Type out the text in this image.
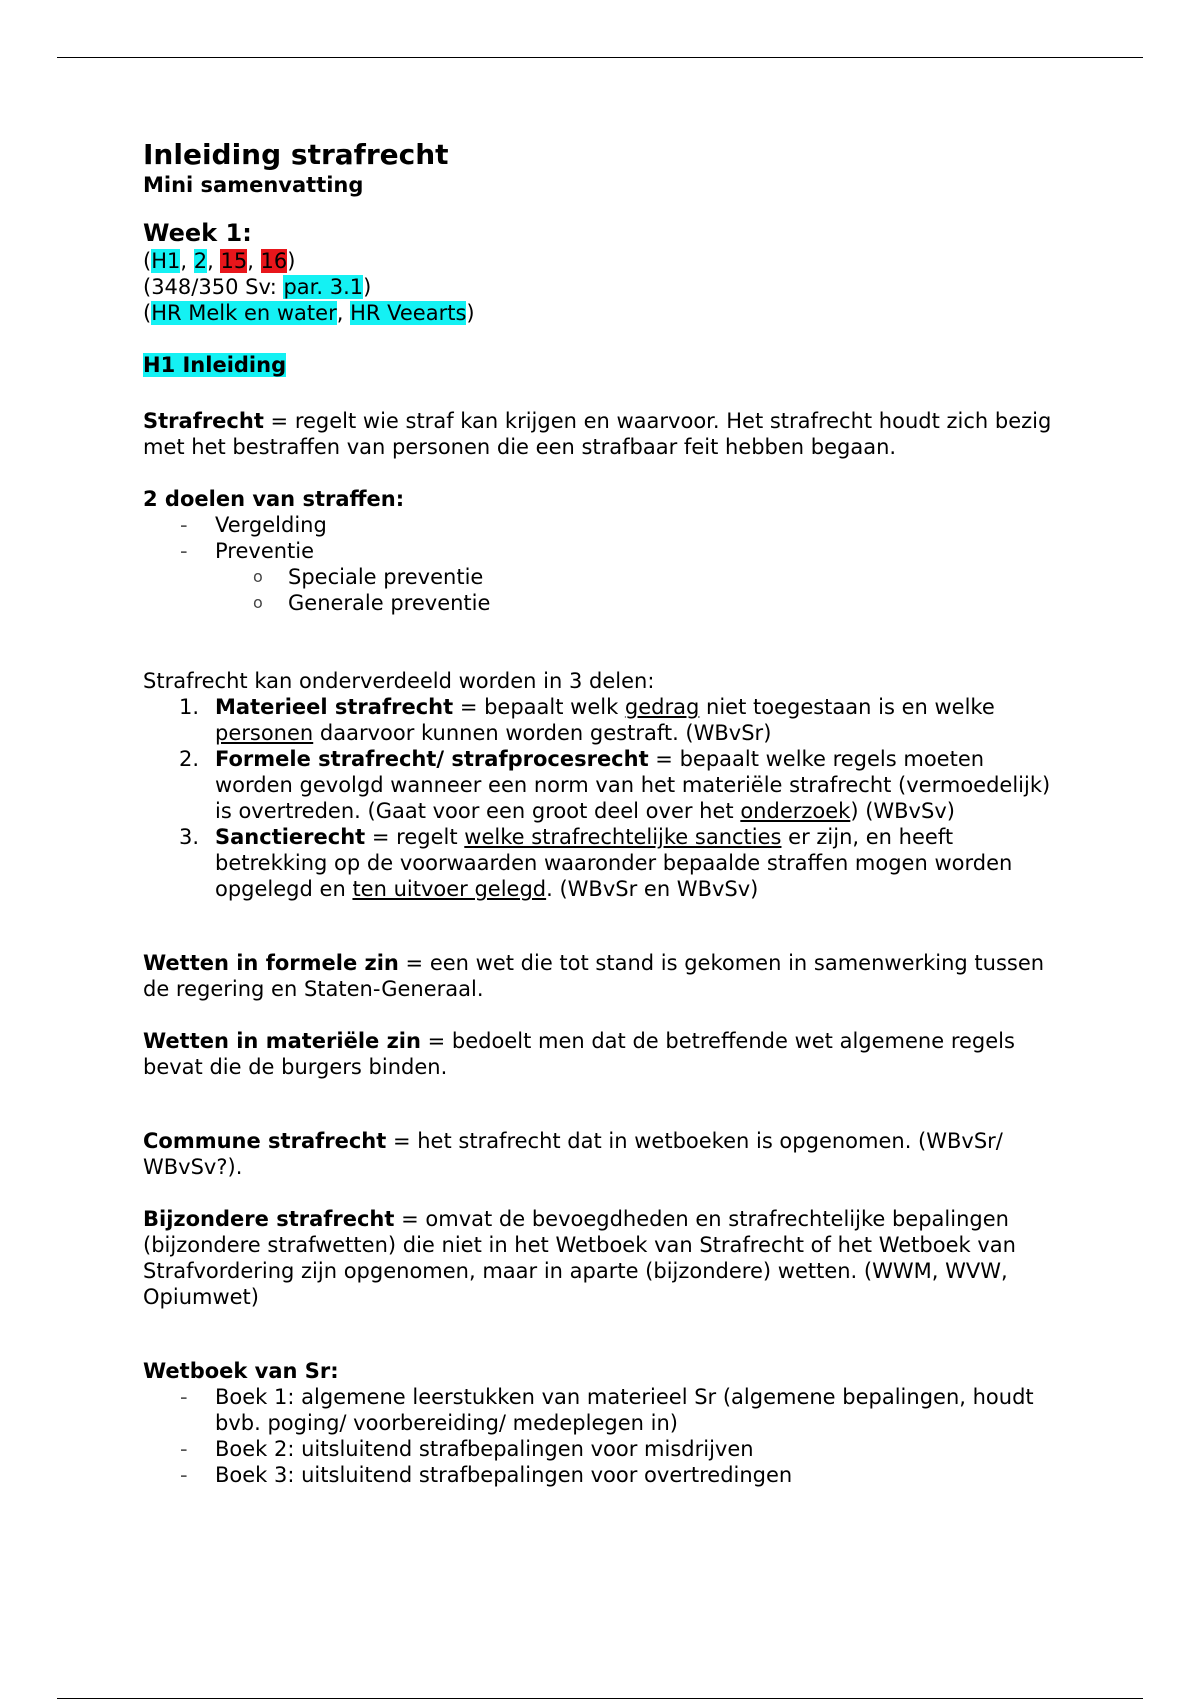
Inleiding strafrecht
Mini samenvatting
Week 1:
(H1, 2, 15, 16)
(348/350 Sv: par. 3.1)
(HR Melk en water, HR Veearts)
H1 Inleiding

Strafrecht = regelt wie straf kan krijgen en waarvoor. Het strafrecht houdt zich bezig met het bestraffen van personen die een strafbaar feit hebben begaan.

2 doelen van straffen:

- Vergelding
- Preventie
o Speciale preventie
o Generale preventie

Strafrecht kan onderverdeeld worden in 3 delen:

1. Materieel strafrecht = bepaalt welk gedrag niet toegestaan is en welke personen daarvoor kunnen worden gestraft. (WBvSr)
2. Formele strafrecht/ strafprocesrecht = bepaalt welke regels moeten worden gevolgd wanneer een norm van het materiële strafrecht (vermoedelijk) is overtreden. (Gaat voor een groot deel over het onderzoek) (WBvSv)
3. Sanctierecht = regelt welke strafrechtelijke sancties er zijn, en heeft betrekking op de voorwaarden waaronder bepaalde straffen mogen worden opgelegd en ten uitvoer gelegd. (WBvSr en WBvSv)

Wetten in formele zin = een wet die tot stand is gekomen in samenwerking tussen de regering en Staten-Generaal.

Wetten in materiële zin = bedoelt men dat de betreffende wet algemene regels bevat die de burgers binden.

Commune strafrecht = het strafrecht dat in wetboeken is opgenomen. (WBvSr/ WBvSv?).

Bijzondere strafrecht = omvat de bevoegdheden en strafrechtelijke bepalingen (bijzondere strafwetten) die niet in het Wetboek van Strafrecht of het Wetboek van Strafvordering zijn opgenomen, maar in aparte (bijzondere) wetten. (WWM, WVW, Opiumwet)

Wetboek van Sr:

- Boek 1: algemene leerstukken van materieel Sr (algemene bepalingen, houdt bvb. poging/ voorbereiding/ medeplegen in)
- Boek 2: uitsluitend strafbepalingen voor misdrijven
- Boek 3: uitsluitend strafbepalingen voor overtredingen
